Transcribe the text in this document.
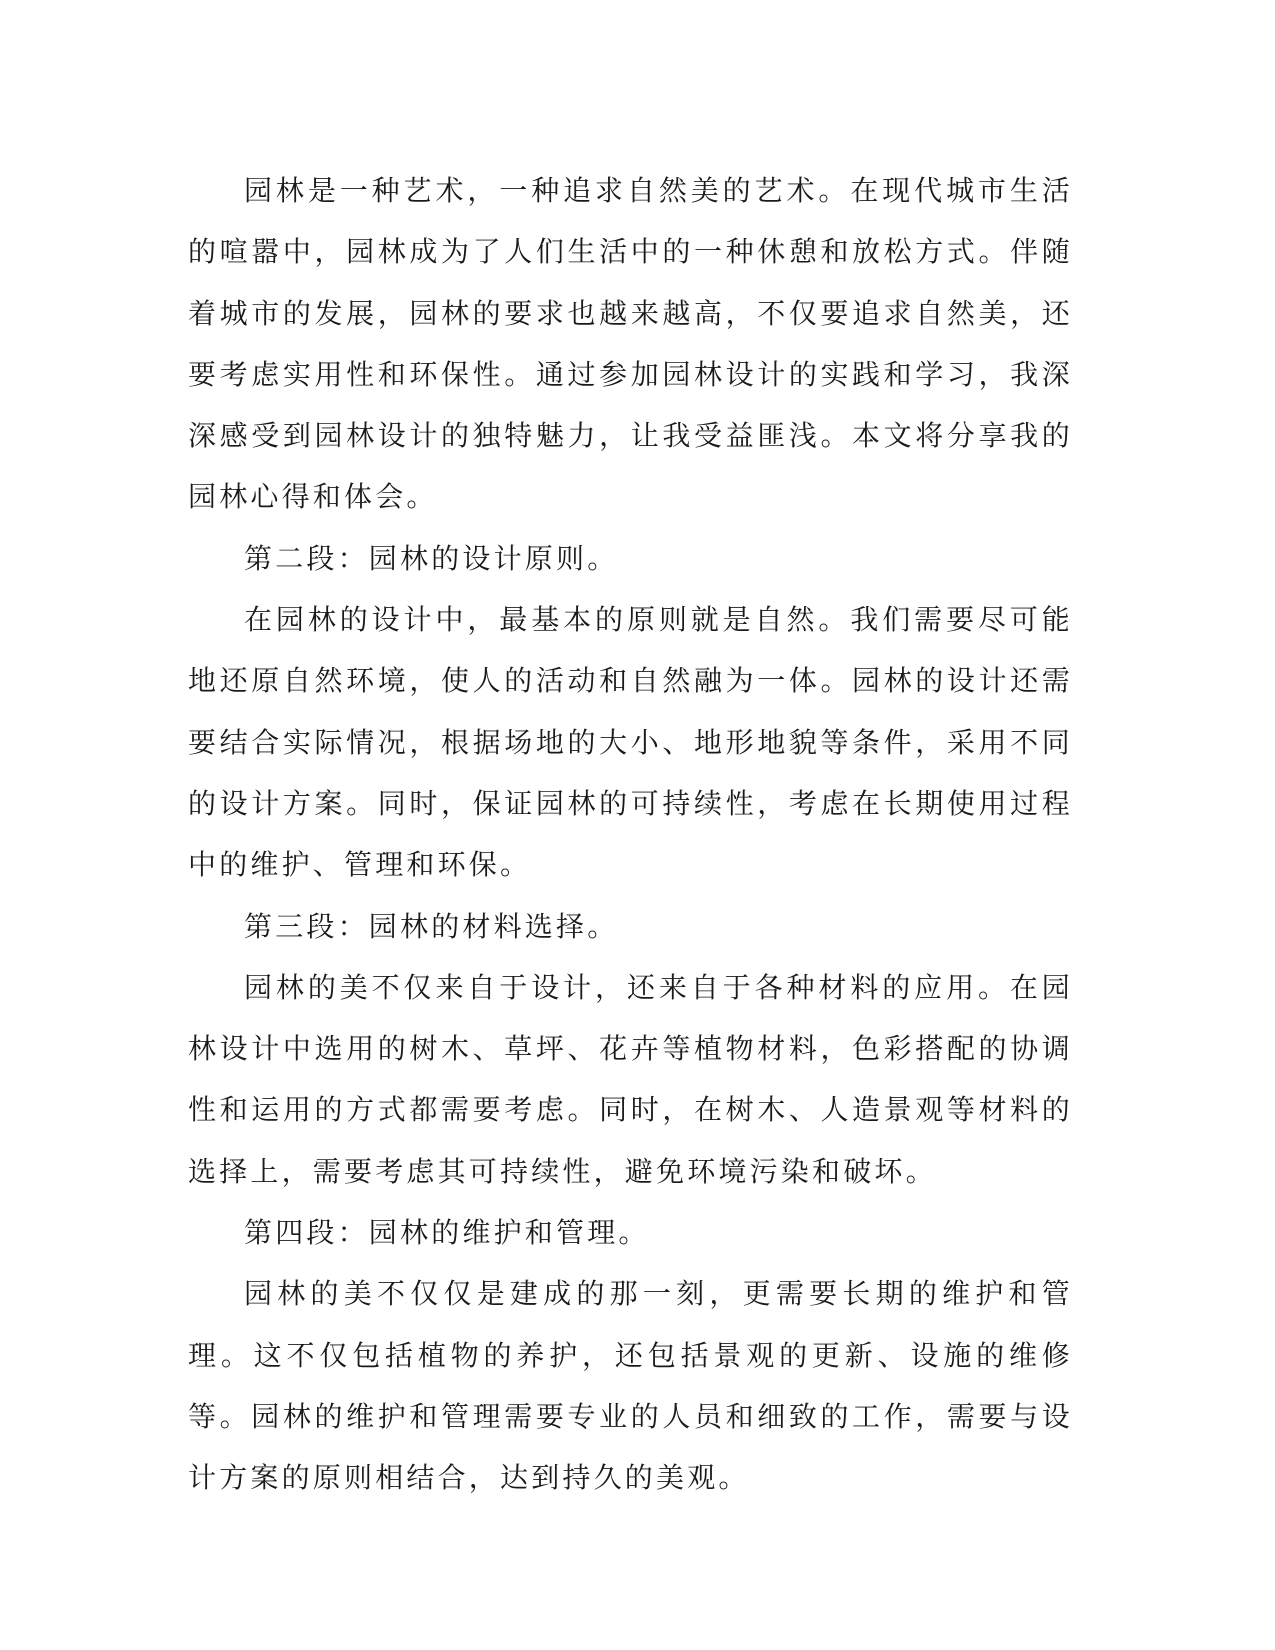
园林是一种艺术，一种追求自然美的艺术。在现代城市生活的喧嚣中，园林成为了人们生活中的一种休憩和放松方式。伴随着城市的发展，园林的要求也越来越高，不仅要追求自然美，还要考虑实用性和环保性。通过参加园林设计的实践和学习，我深深感受到园林设计的独特魅力，让我受益匪浅。本文将分享我的园林心得和体会。

第二段：园林的设计原则。

在园林的设计中，最基本的原则就是自然。我们需要尽可能地还原自然环境，使人的活动和自然融为一体。园林的设计还需要结合实际情况，根据场地的大小、地形地貌等条件，采用不同的设计方案。同时，保证园林的可持续性，考虑在长期使用过程中的维护、管理和环保。

第三段：园林的材料选择。

园林的美不仅来自于设计，还来自于各种材料的应用。在园林设计中选用的树木、草坪、花卉等植物材料，色彩搭配的协调性和运用的方式都需要考虑。同时，在树木、人造景观等材料的选择上，需要考虑其可持续性，避免环境污染和破坏。

第四段：园林的维护和管理。

园林的美不仅仅是建成的那一刻，更需要长期的维护和管理。这不仅包括植物的养护，还包括景观的更新、设施的维修等。园林的维护和管理需要专业的人员和细致的工作，需要与设计方案的原则相结合，达到持久的美观。
